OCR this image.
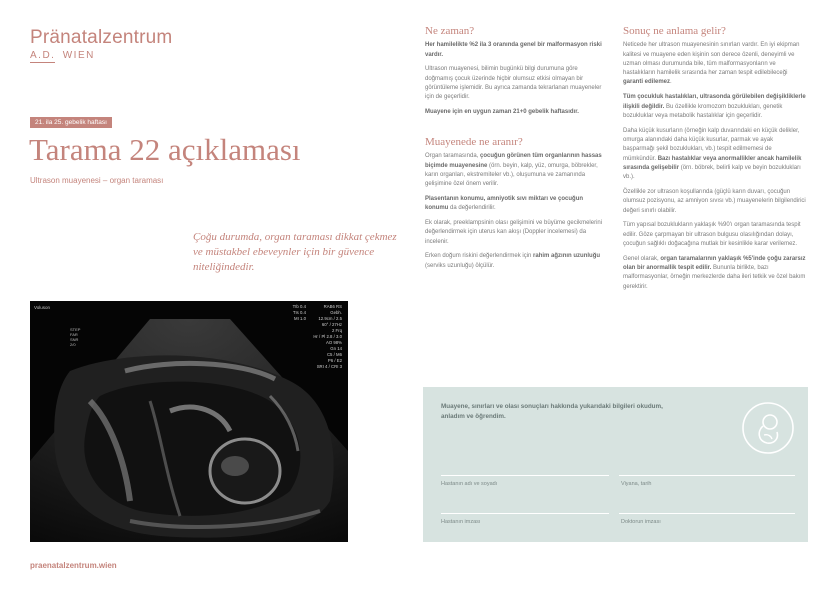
Pränatalzentrum
A.D. WIEN
21. ila 25. gebelik haftası
Tarama 22 açıklaması
Ultrason muayenesi – organ taraması
Çoğu durumda, organ taraması dikkat çekmez ve müstakbel ebeveynler için bir güvence niteliğindedir.
Voluson
STEP
FAR
SNR
2/0
TIb 0.4
TIs 0.4
MI 1.0
RAB6 RS
Gebh.
12.9cm / 2.5
60° / 27Hz
2 Frq
Hr / Pl 2.8 / 3.0
AO 98%
Gn 14
C5 / M6
P6 / E2
SRI 4 / CRI 3
praenatalzentrum.wien
Ne zaman?

Her hamilelikte %2 ila 3 oranında genel bir malformasyon riski vardır.

Ultrason muayenesi, bilimin bugünkü bilgi durumuna göre doğmamış çocuk üzerinde hiçbir olumsuz etkisi olmayan bir görüntüleme işlemidir. Bu ayrıca zamanda tekrarlanan muayeneler için de geçerlidir.

Muayene için en uygun zaman 21+0 gebelik haftasıdır.

Muayenede ne aranır?

Organ taramasında, çocuğun görünen tüm organlarının hassas biçimde muayenesine (örn. beyin, kalp, yüz, omurga, böbrekler, karın organları, ekstremiteler vb.), oluşumuna ve zamanında gelişimine özel önem verilir.

Plasentanın konumu, amniyotik sıvı miktarı ve çocuğun konumu da değerlendirilir.

Ek olarak, preeklampsinin olası gelişimini ve büyüme gecikmelerini değerlendirmek için uterus kan akışı (Doppler incelemesi) da incelenir.

Erken doğum riskini değerlendirmek için rahim ağzının uzunluğu (serviks uzunluğu) ölçülür.

Sonuç ne anlama gelir?

Neticede her ultrason muayenesinin sınırları vardır. En iyi ekipman kalitesi ve muayene eden kişinin son derece özenli, deneyimli ve uzman olması durumunda bile, tüm malformasyonların ve hastalıkların hamilelik sırasında her zaman tespit edilebileceği garanti edilemez.

Tüm çocukluk hastalıkları, ultrasonda görülebilen değişikliklerle ilişkili değildir. Bu özellikle kromozom bozuklukları, genetik bozukluklar veya metabolik hastalıklar için geçerlidir.

Daha küçük kusurların (örneğin kalp duvarındaki en küçük delikler, omurga alanındaki daha küçük kusurlar, parmak ve ayak başparmağı şekil bozuklukları, vb.) tespit edilmemesi de mümkündür. Bazı hastalıklar veya anormallikler ancak hamilelik sırasında gelişebilir (örn. böbrek, belirli kalp ve beyin bozuklukları vb.).

Özellikle zor ultrason koşullarında (güçlü karın duvarı, çocuğun olumsuz pozisyonu, az amniyon sıvısı vb.) muayenelerin bilgilendirici değeri sınırlı olabilir.

Tüm yapısal bozuklukların yaklaşık %90'ı organ taramasında tespit edilir. Göze çarpmayan bir ultrason bulgusu olasılığından dolayı, çocuğun sağlıklı doğacağına mutlak bir kesinlikle karar verilemez.

Genel olarak, organ taramalarının yaklaşık %5'inde çoğu zararsız olan bir anormallik tespit edilir. Bununla birlikte, bazı malformasyonlar, örneğin merkezlerde daha ileri tetkik ve özel bakım gerektirir.

Muayene, sınırları ve olası sonuçları hakkında yukarıdaki bilgileri okudum, anladım ve öğrendim.
Hastanın adı ve soyadı	Viyana, tarih
Hastanın imzası	Doktorun imzası
